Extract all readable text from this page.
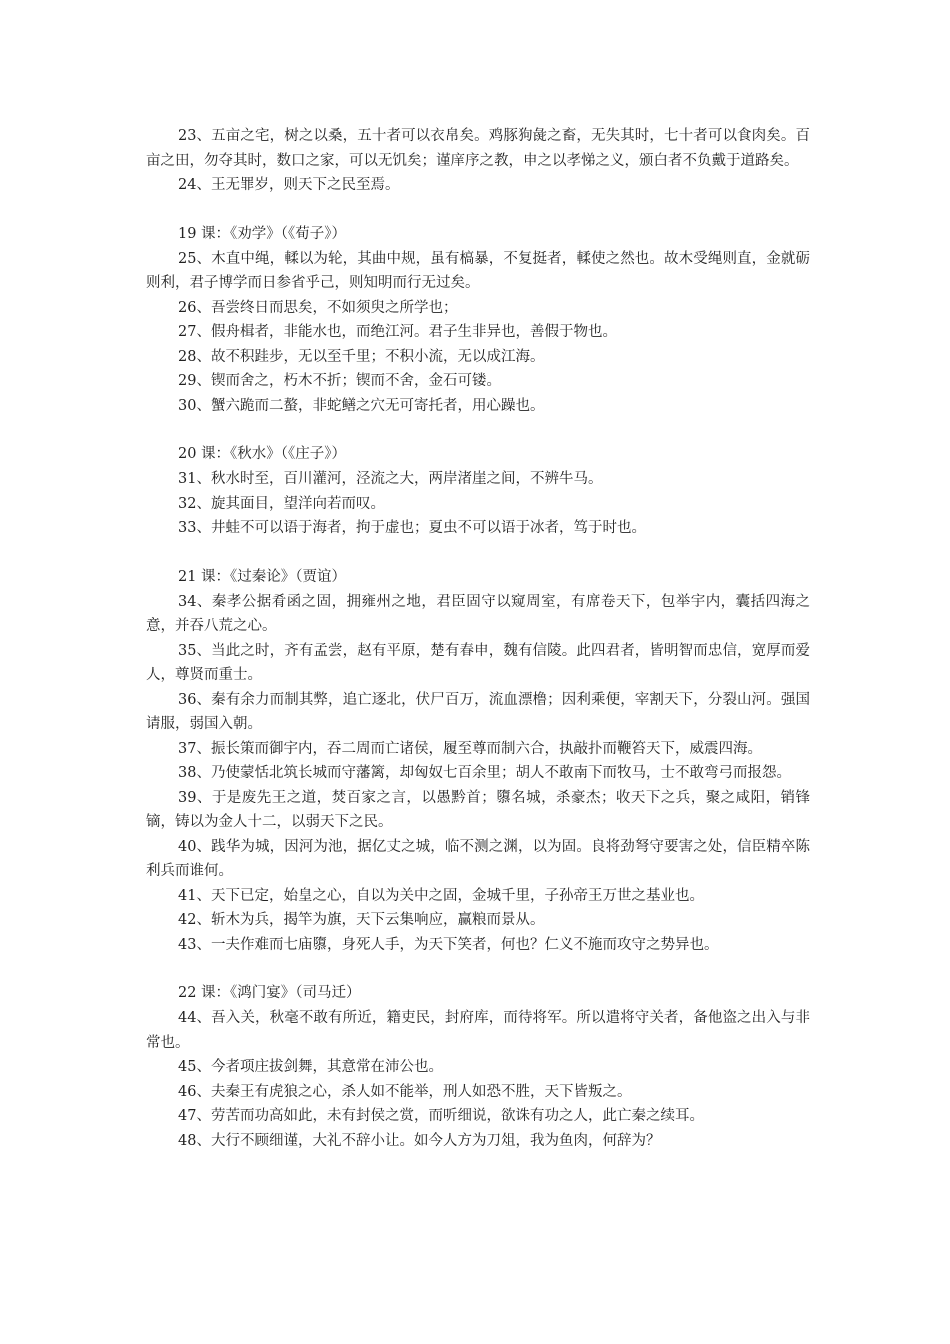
23、五亩之宅，树之以桑，五十者可以衣帛矣。鸡豚狗彘之畜，无失其时，七十者可以食肉矣。百亩之田，勿夺其时，数口之家，可以无饥矣；谨庠序之教，申之以孝悌之义，颁白者不负戴于道路矣。

24、王无罪岁，则天下之民至焉。

19 课：《劝学》（《荀子》）

25、木直中绳，輮以为轮，其曲中规，虽有槁暴，不复挺者，輮使之然也。故木受绳则直，金就砺则利，君子博学而日参省乎己，则知明而行无过矣。

26、吾尝终日而思矣，不如须臾之所学也；

27、假舟楫者，非能水也，而绝江河。君子生非异也，善假于物也。

28、故不积跬步，无以至千里；不积小流，无以成江海。

29、锲而舍之，朽木不折；锲而不舍，金石可镂。

30、蟹六跪而二螯，非蛇鳝之穴无可寄托者，用心躁也。

20 课：《秋水》（《庄子》）

31、秋水时至，百川灌河，泾流之大，两岸渚崖之间，不辨牛马。

32、旋其面目，望洋向若而叹。

33、井蛙不可以语于海者，拘于虚也；夏虫不可以语于冰者，笃于时也。

21 课：《过秦论》（贾谊）

34、秦孝公据肴函之固，拥雍州之地，君臣固守以窥周室，有席卷天下，包举宇内，囊括四海之意，并吞八荒之心。

35、当此之时，齐有孟尝，赵有平原，楚有春申，魏有信陵。此四君者，皆明智而忠信，宽厚而爱人，尊贤而重士。

36、秦有余力而制其弊，追亡逐北，伏尸百万，流血漂橹；因利乘便，宰割天下，分裂山河。强国请服，弱国入朝。

37、振长策而御宇内，吞二周而亡诸侯，履至尊而制六合，执敲扑而鞭笞天下，威震四海。

38、乃使蒙恬北筑长城而守藩篱，却匈奴七百余里；胡人不敢南下而牧马，士不敢弯弓而报怨。

39、于是废先王之道，焚百家之言，以愚黔首；隳名城，杀豪杰；收天下之兵，聚之咸阳，销锋镝，铸以为金人十二，以弱天下之民。

40、践华为城，因河为池，据亿丈之城，临不测之渊，以为固。良将劲弩守要害之处，信臣精卒陈利兵而谁何。

41、天下已定，始皇之心，自以为关中之固，金城千里，子孙帝王万世之基业也。

42、斩木为兵，揭竿为旗，天下云集响应，赢粮而景从。

43、一夫作难而七庙隳，身死人手，为天下笑者，何也？仁义不施而攻守之势异也。

22 课：《鸿门宴》（司马迁）

44、吾入关，秋毫不敢有所近，籍吏民，封府库，而待将军。所以遣将守关者，备他盗之出入与非常也。

45、今者项庄拔剑舞，其意常在沛公也。

46、夫秦王有虎狼之心，杀人如不能举，刑人如恐不胜，天下皆叛之。

47、劳苦而功高如此，未有封侯之赏，而听细说，欲诛有功之人，此亡秦之续耳。

48、大行不顾细谨，大礼不辞小让。如今人方为刀俎，我为鱼肉，何辞为？
